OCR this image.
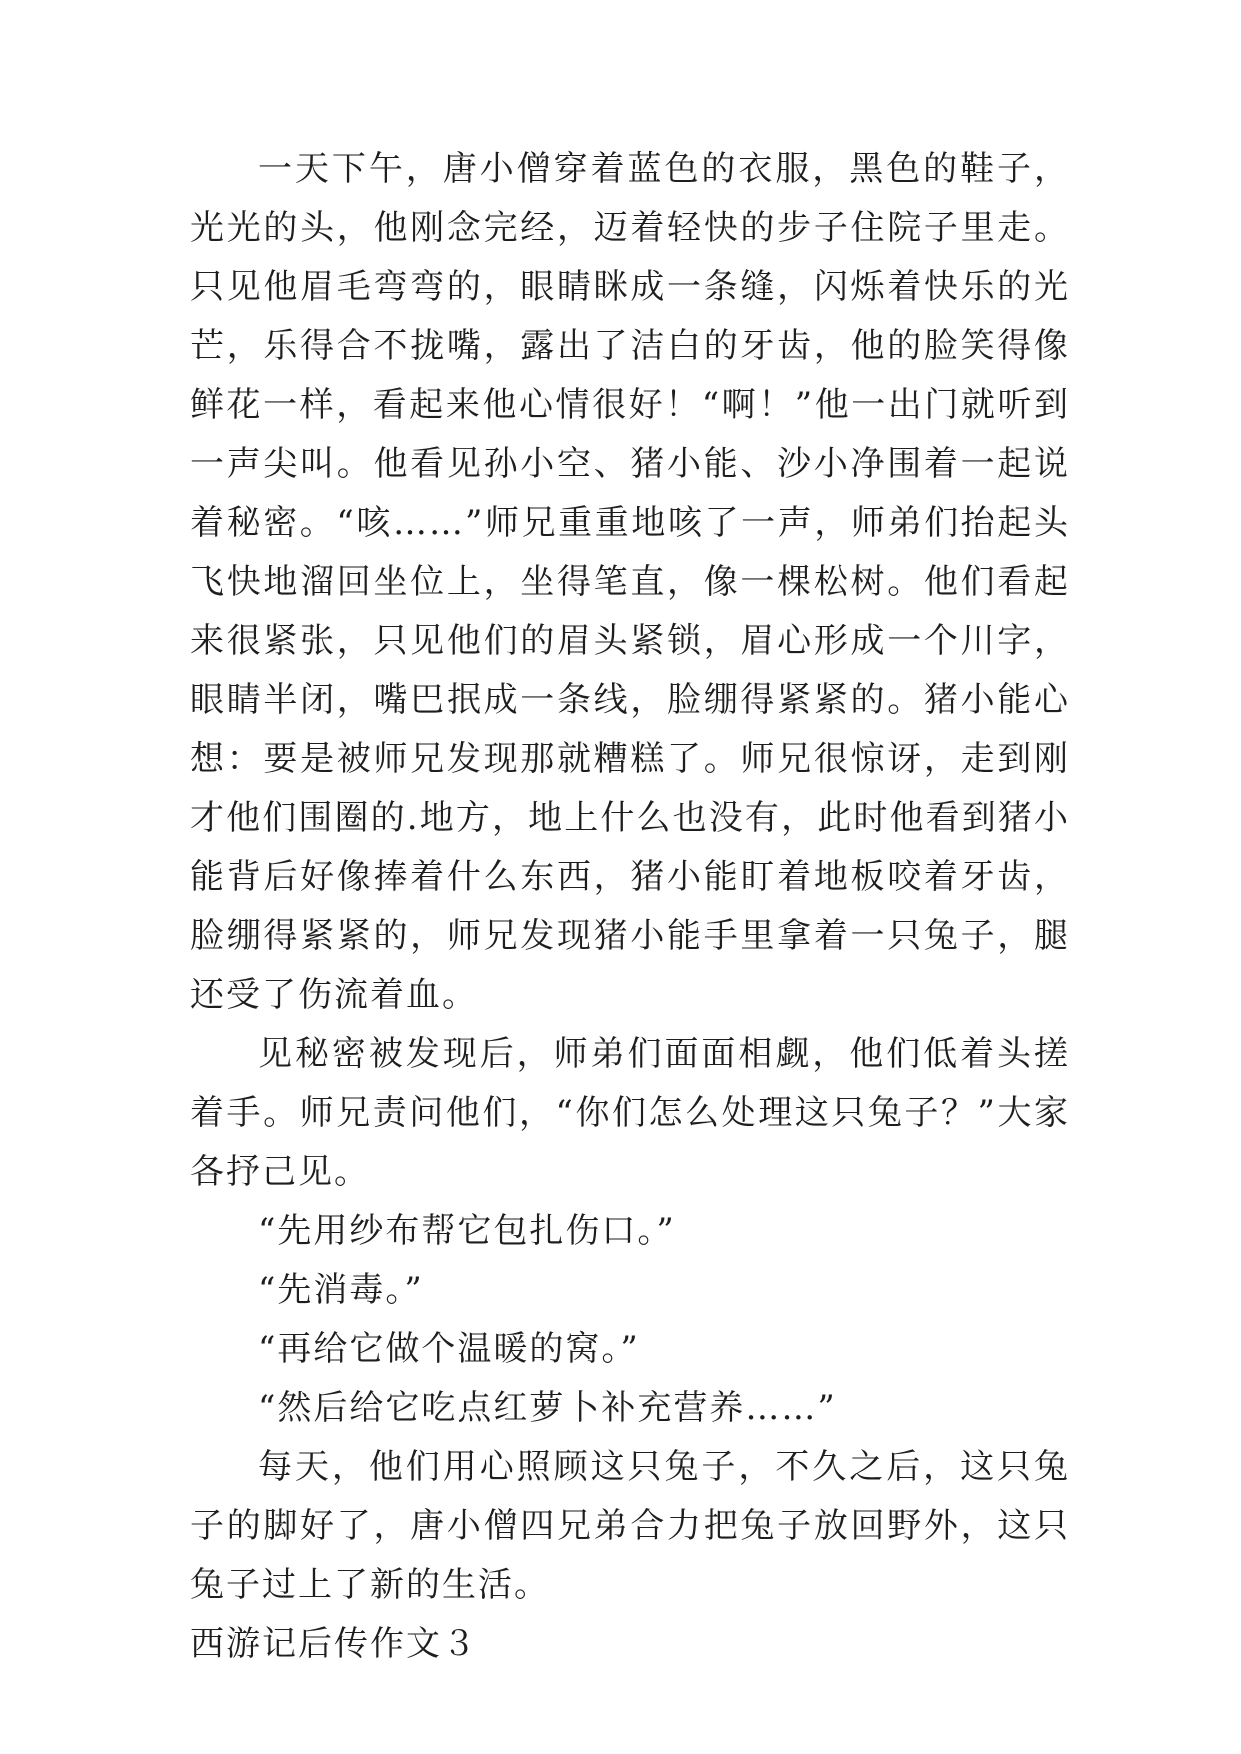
一天下午，唐小僧穿着蓝色的衣服，黑色的鞋子，光光的头，他刚念完经，迈着轻快的步子住院子里走。只见他眉毛弯弯的，眼睛眯成一条缝，闪烁着快乐的光芒，乐得合不拢嘴，露出了洁白的牙齿，他的脸笑得像鲜花一样，看起来他心情很好！“啊！”他一出门就听到一声尖叫。他看见孙小空、猪小能、沙小净围着一起说着秘密。“咳……”师兄重重地咳了一声，师弟们抬起头飞快地溜回坐位上，坐得笔直，像一棵松树。他们看起来很紧张，只见他们的眉头紧锁，眉心形成一个川字，眼睛半闭，嘴巴抿成一条线，脸绷得紧紧的。猪小能心想：要是被师兄发现那就糟糕了。师兄很惊讶，走到刚才他们围圈的.地方，地上什么也没有，此时他看到猪小能背后好像捧着什么东西，猪小能盯着地板咬着牙齿，脸绷得紧紧的，师兄发现猪小能手里拿着一只兔子，腿还受了伤流着血。

见秘密被发现后，师弟们面面相觑，他们低着头搓着手。师兄责问他们，“你们怎么处理这只兔子？”大家各抒己见。

“先用纱布帮它包扎伤口。”

“先消毒。”

“再给它做个温暖的窝。”

“然后给它吃点红萝卜补充营养……”

每天，他们用心照顾这只兔子，不久之后，这只兔子的脚好了，唐小僧四兄弟合力把兔子放回野外，这只兔子过上了新的生活。

西游记后传作文３
